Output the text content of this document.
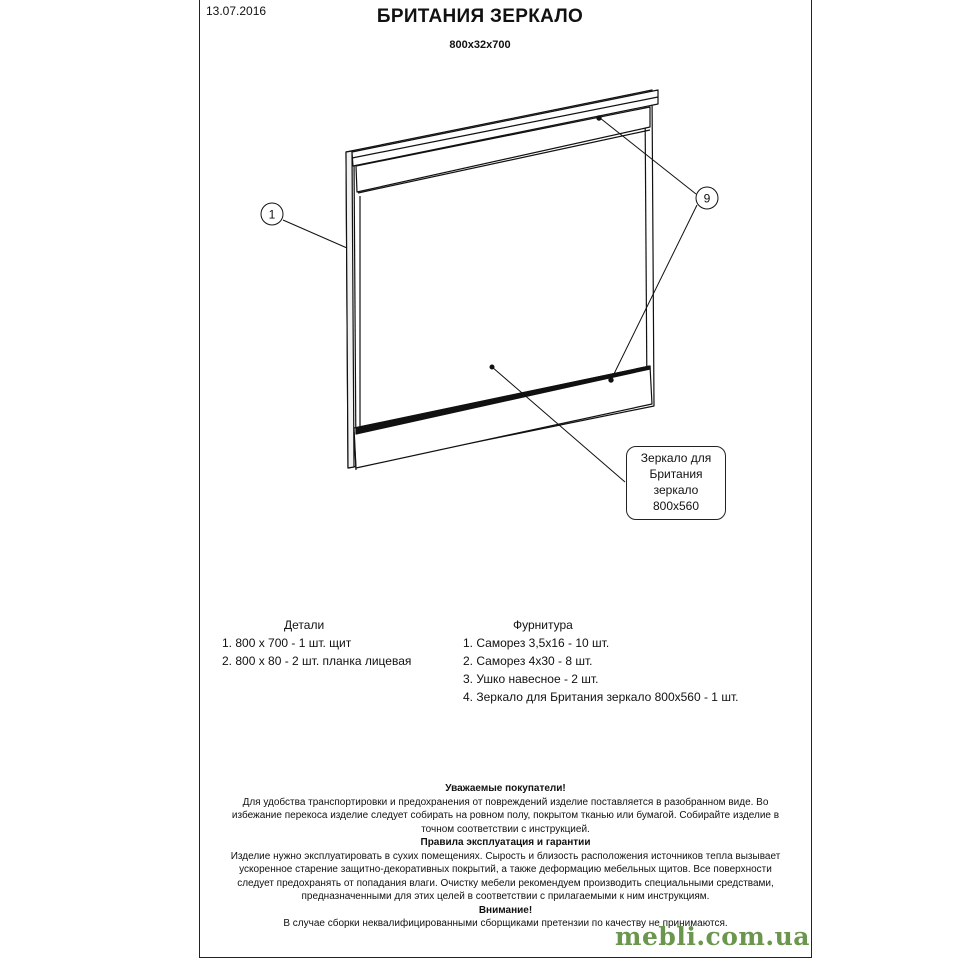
13.07.2016	БРИТАНИЯ ЗЕРКАЛО
800х32х700
1
9
Зеркало для
Британия
зеркало
800х560
Детали
1. 800 х 700 - 1 шт. щит
2. 800 х 80 - 2 шт. планка лицевая
Фурнитура
1. Саморез 3,5х16 - 10 шт.
2. Саморез 4х30 - 8 шт.
3. Ушко навесное - 2 шт.
4. Зеркало для Британия зеркало 800х560 - 1 шт.
Уважаемые покупатели!
Для удобства транспортировки и предохранения от повреждений изделие поставляется в разобранном виде. Во
избежание перекоса изделие следует собирать на ровном полу, покрытом тканью или бумагой. Собирайте изделие в
точном соответствии с инструкцией.
Правила эксплуатация и гарантии
Изделие нужно эксплуатировать в сухих помещениях. Сырость и близость расположения источников тепла вызывает
ускоренное старение защитно-декоративных покрытий, а также деформацию мебельных щитов. Все поверхности
следует предохранять от попадания влаги. Очистку мебели рекомендуем производить специальными средствами,
предназначенными для этих целей в соответствии с прилагаемыми к ним инструкциям.
Внимание!
В случае сборки неквалифицированными сборщиками претензии по качеству не принимаются.
mebli.com.ua
